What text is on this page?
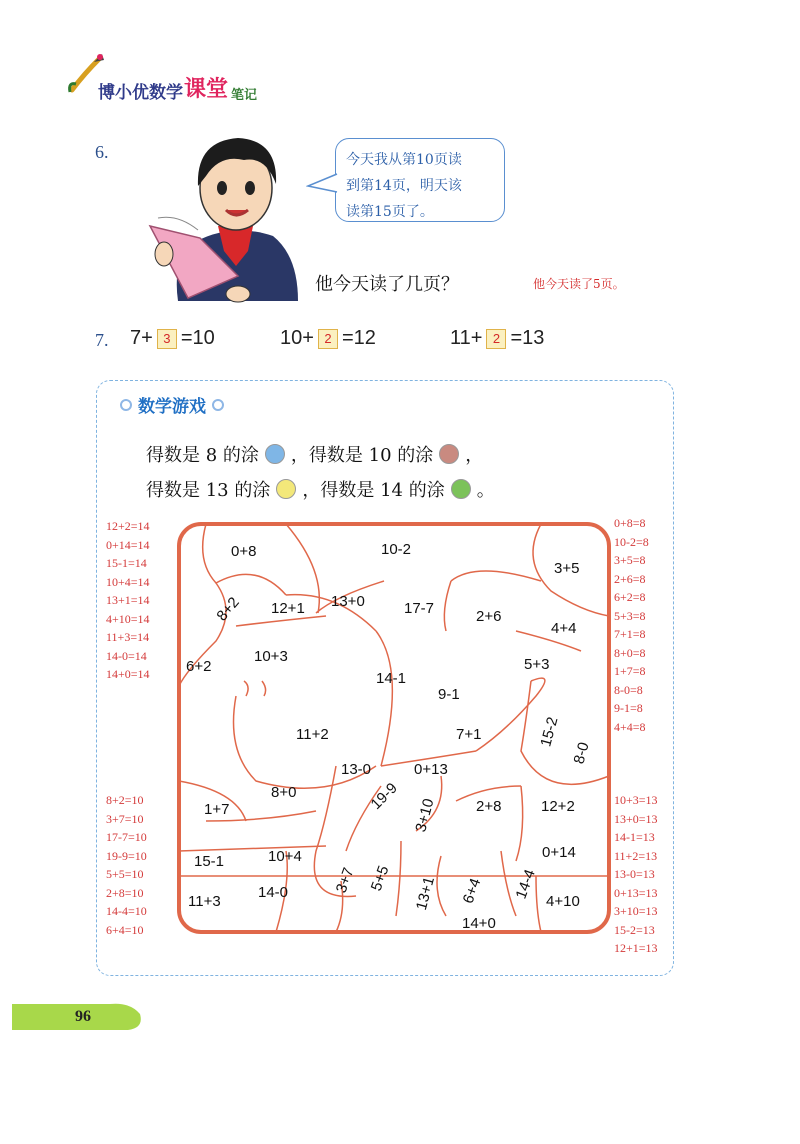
博小优数学 课堂 笔记
6.	今天我从第10页读
到第14页，明天该
读第15页了。
他今天读了几页？	他今天读了5页。
7. 7+ 3 =10	10+ 2 =12	11+ 2 =13
数学游戏
得数是 8 的涂 ， 得数是 10 的涂 ，
得数是 13 的涂 ， 得数是 14 的涂 。
12+2=14
0+14=14
15-1=14
10+4=14
13+1=14
4+10=14
11+3=14
14-0=14
14+0=14
8+2=10
3+7=10
17-7=10
19-9=10
5+5=10
2+8=10
14-4=10
6+4=10
0+8=8
10-2=8
3+5=8
2+6=8
6+2=8
5+3=8
7+1=8
8+0=8
1+7=8
8-0=8
9-1=8
4+4=8
10+3=13
13+0=13
14-1=13
11+2=13
13-0=13
0+13=13
3+10=13
15-2=13
12+1=13
0+8	10-2
3+5
8+2 12+1 13+0	17-7	2+6
4+4
6+2
10+3	5+3
14-1
9-1
15-2
8-0
11+2	7+1
13-0	0+13
19-9
3+10
1+7
8+0
2+8	12+2
15-1	10+4	0+14
3+7 5+5 13+1 6+4 14-4
11+3
14-0
4+10
14+0
96
